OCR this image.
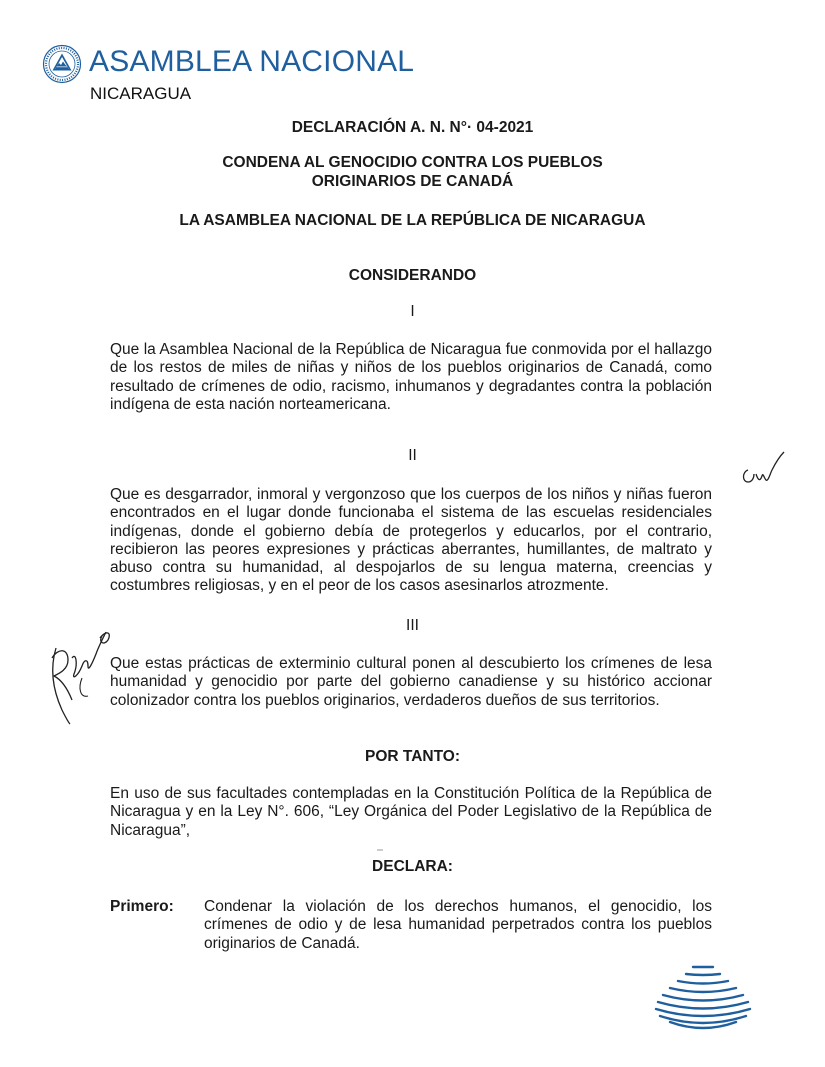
ASAMBLEA NACIONAL
NICARAGUA
DECLARACIÓN A. N. N°· 04-2021
CONDENA AL GENOCIDIO CONTRA LOS PUEBLOS ORIGINARIOS DE CANADÁ
LA ASAMBLEA NACIONAL DE LA REPÚBLICA DE NICARAGUA
CONSIDERANDO
I
Que la Asamblea Nacional de la República de Nicaragua fue conmovida por el hallazgo de los restos de miles de niñas y niños de los pueblos originarios de Canadá, como resultado de crímenes de odio, racismo, inhumanos y degradantes contra la población indígena de esta nación norteamericana.
II
Que es desgarrador, inmoral y vergonzoso que los cuerpos de los niños y niñas fueron encontrados en el lugar donde funcionaba el sistema de las escuelas residenciales indígenas, donde el gobierno debía de protegerlos y educarlos, por el contrario, recibieron las peores expresiones y prácticas aberrantes, humillantes, de maltrato y abuso contra su humanidad, al despojarlos de su lengua materna, creencias y costumbres religiosas, y en el peor de los casos asesinarlos atrozmente.
III
Que estas prácticas de exterminio cultural ponen al descubierto los crímenes de lesa humanidad y genocidio por parte del gobierno canadiense y su histórico accionar colonizador contra los pueblos originarios, verdaderos dueños de sus territorios.
POR TANTO:
En uso de sus facultades contempladas en la Constitución Política de la República de Nicaragua y en la Ley N°. 606, “Ley Orgánica del Poder Legislativo de la República de Nicaragua”,
DECLARA:
Primero: Condenar la violación de los derechos humanos, el genocidio, los crímenes de odio y de lesa humanidad perpetrados contra los pueblos originarios de Canadá.
